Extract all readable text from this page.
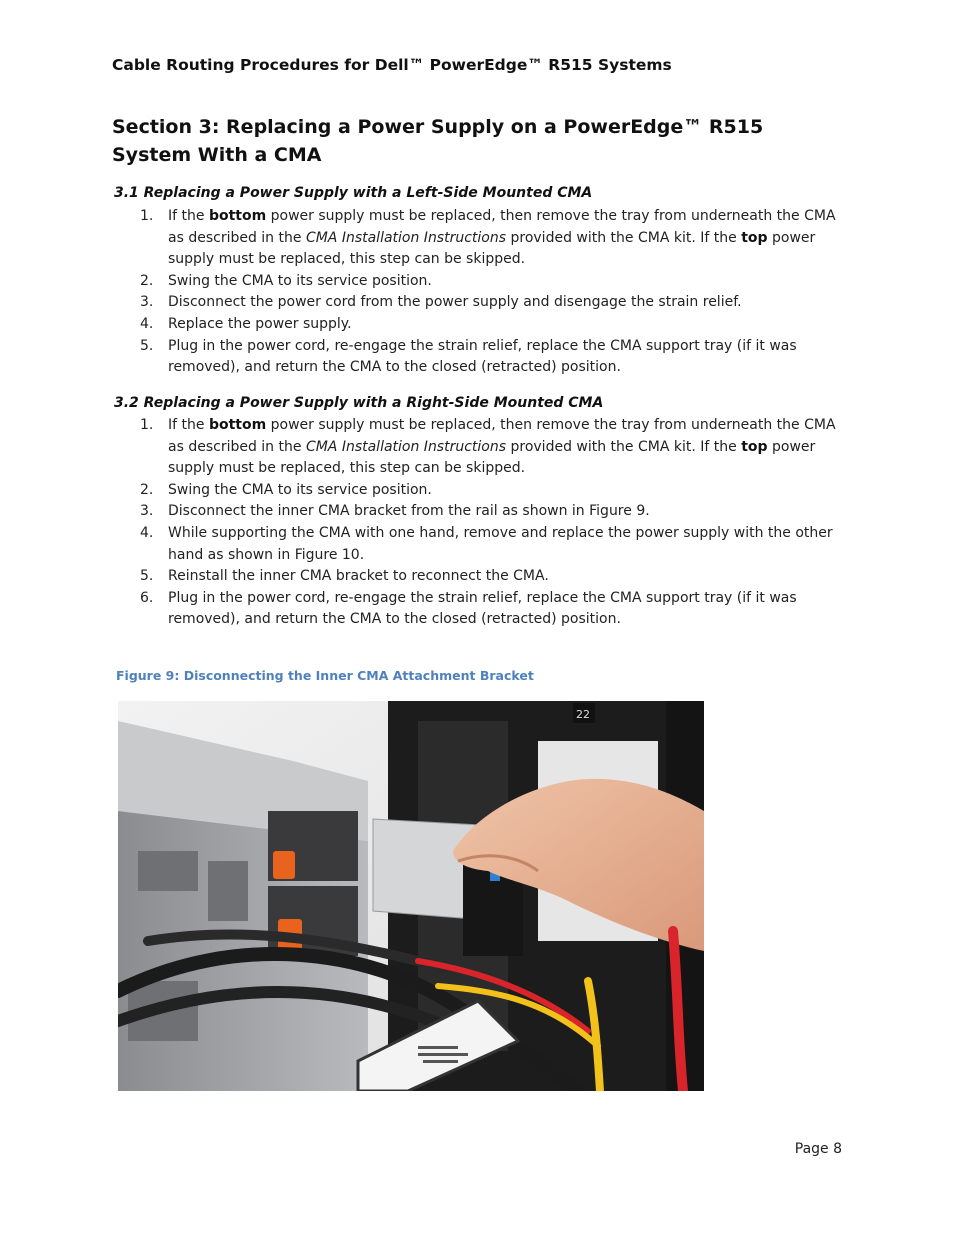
Cable Routing Procedures for Dell™ PowerEdge™ R515 Systems
Section 3: Replacing a Power Supply on a PowerEdge™ R515 System With a CMA
3.1 Replacing a Power Supply with a Left-Side Mounted CMA
1. If the bottom power supply must be replaced, then remove the tray from underneath the CMA as described in the CMA Installation Instructions provided with the CMA kit. If the top power supply must be replaced, this step can be skipped.
2. Swing the CMA to its service position.
3. Disconnect the power cord from the power supply and disengage the strain relief.
4. Replace the power supply.
5. Plug in the power cord, re-engage the strain relief, replace the CMA support tray (if it was removed), and return the CMA to the closed (retracted) position.
3.2 Replacing a Power Supply with a Right-Side Mounted CMA
1. If the bottom power supply must be replaced, then remove the tray from underneath the CMA as described in the CMA Installation Instructions provided with the CMA kit. If the top power supply must be replaced, this step can be skipped.
2. Swing the CMA to its service position.
3. Disconnect the inner CMA bracket from the rail as shown in Figure 9.
4. While supporting the CMA with one hand, remove and replace the power supply with the other hand as shown in Figure 10.
5. Reinstall the inner CMA bracket to reconnect the CMA.
6. Plug in the power cord, re-engage the strain relief, replace the CMA support tray (if it was removed), and return the CMA to the closed (retracted) position.
Figure 9: Disconnecting the Inner CMA Attachment Bracket
22
Page 8
